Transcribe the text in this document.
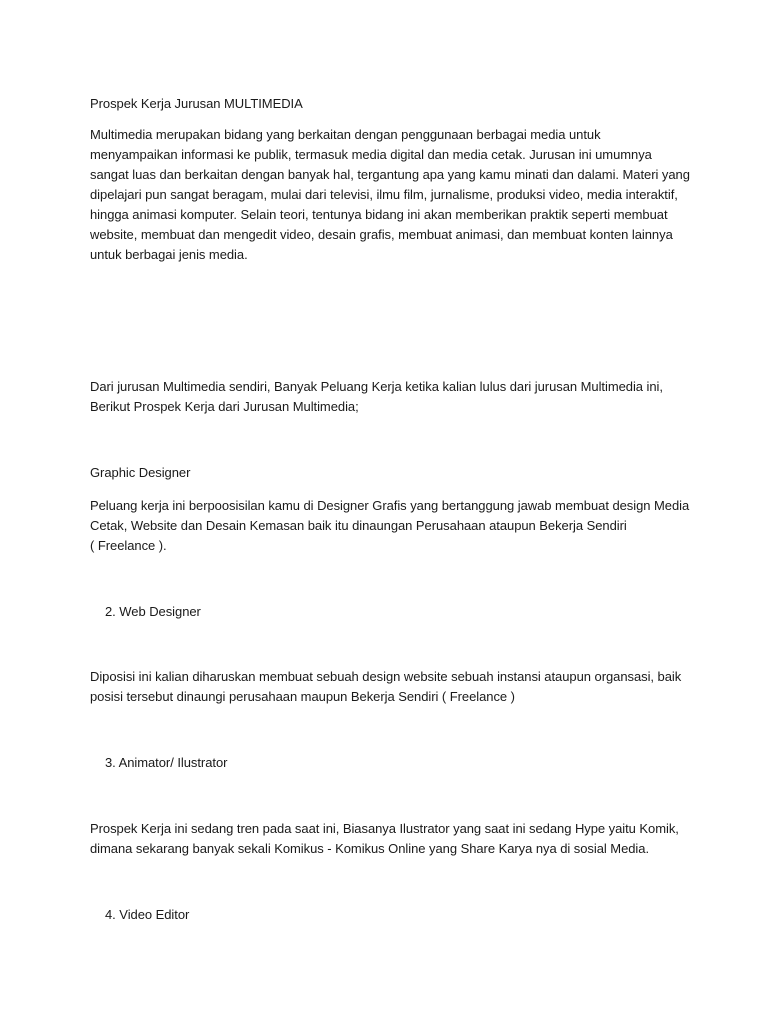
Prospek Kerja Jurusan MULTIMEDIA

Multimedia merupakan bidang yang berkaitan dengan penggunaan berbagai media untuk
menyampaikan informasi ke publik, termasuk media digital dan media cetak. Jurusan ini umumnya
sangat luas dan berkaitan dengan banyak hal, tergantung apa yang kamu minati dan dalami. Materi yang
dipelajari pun sangat beragam, mulai dari televisi, ilmu film, jurnalisme, produksi video, media interaktif,
hingga animasi komputer. Selain teori, tentunya bidang ini akan memberikan praktik seperti membuat
website, membuat dan mengedit video, desain grafis, membuat animasi, dan membuat konten lainnya
untuk berbagai jenis media.

Dari jurusan Multimedia sendiri, Banyak Peluang Kerja ketika kalian lulus dari jurusan Multimedia ini,
Berikut Prospek Kerja dari Jurusan Multimedia;

Graphic Designer

Peluang kerja ini berpoosisilan kamu di Designer Grafis yang bertanggung jawab membuat design Media
Cetak, Website dan Desain Kemasan baik itu dinaungan Perusahaan ataupun Bekerja Sendiri
( Freelance ).

2. Web Designer

Diposisi ini kalian diharuskan membuat sebuah design website sebuah instansi ataupun organsasi, baik
posisi tersebut dinaungi perusahaan maupun Bekerja Sendiri ( Freelance )

3. Animator/ Ilustrator

Prospek Kerja ini sedang tren pada saat ini, Biasanya Ilustrator yang saat ini sedang Hype yaitu Komik,
dimana sekarang banyak sekali Komikus - Komikus Online yang Share Karya nya di sosial Media.

4. Video Editor
